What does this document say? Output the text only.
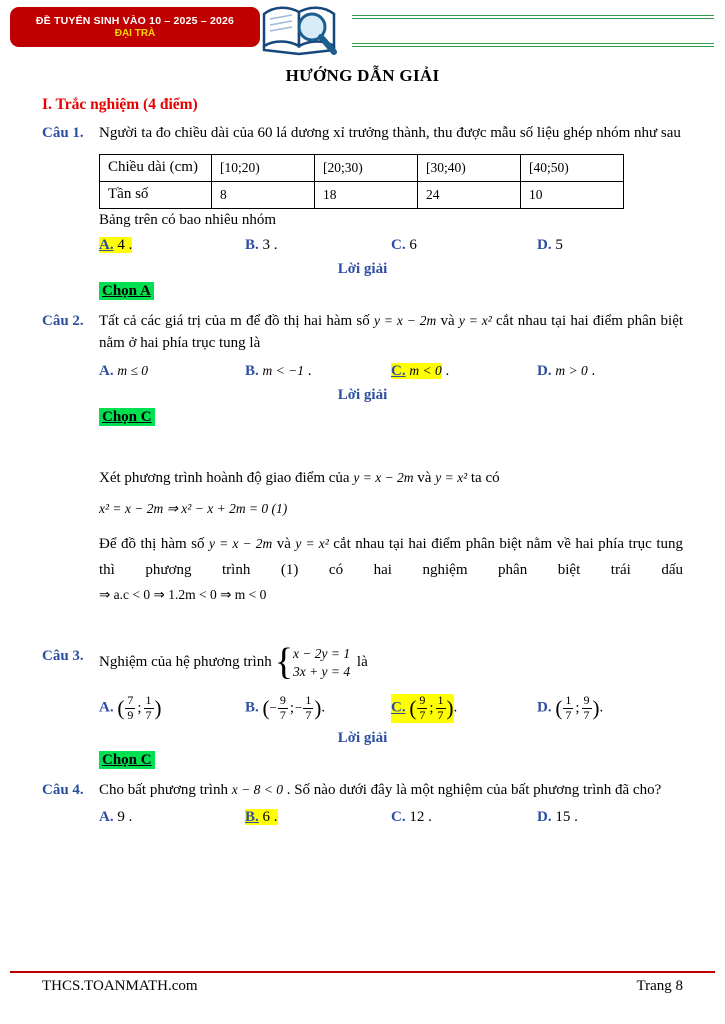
ĐỀ TUYỂN SINH VÀO 10 – 2025 – 2026
ĐẠI TRÀ
HƯỚNG DẪN GIẢI
I. Trắc nghiệm (4 điểm)
Câu 1.	Người ta đo chiều dài của 60 lá dương xỉ trưởng thành, thu được mẫu số liệu ghép nhóm như sau
Chiều dài (cm)	[10;20)	[20;30)	[30;40)	[40;50)
Tần số	8	18	24	10
Bảng trên có bao nhiêu nhóm
A. 4 .	B. 3 .	C. 6	D. 5
Lời giải
Chọn A
Câu 2.	Tất cả các giá trị của m để đồ thị hai hàm số y = x − 2m và y = x² cắt nhau tại hai điểm phân biệt nằm ở hai phía trục tung là
A. m ≤ 0	B. m < −1 .	C. m < 0 .	D. m > 0 .
Lời giải
Chọn C
Xét phương trình hoành độ giao điểm của y = x − 2m và y = x² ta có
x² = x − 2m ⇒ x² − x + 2m = 0 (1)
Để đồ thị hàm số y = x − 2m và y = x² cắt nhau tại hai điểm phân biệt nằm về hai phía trục tung thì phương trình (1) có hai nghiệm phân biệt trái dấu
⇒ a.c < 0 ⇒ 1.2m < 0 ⇒ m < 0
Câu 3.	Nghiệm của hệ phương trình { x − 2y = 1
3x + y = 4
là
A. ( $\frac{7}{9}$ ; $\frac{1}{7}$ )	B. ( − $\frac{9}{7}$ ; − $\frac{1}{7}$ ) .	C. ( $\frac{9}{7}$ ; $\frac{1}{7}$ ) .	D. ( $\frac{1}{7}$ ; $\frac{9}{7}$ ) .
Lời giải
Chọn C
Câu 4.	Cho bất phương trình x − 8 < 0 . Số nào dưới đây là một nghiệm của bất phương trình đã cho?
A. 9 .	B. 6 .	C. 12 .	D. 15 .
THCS.TOANMATH.com	Trang 8
